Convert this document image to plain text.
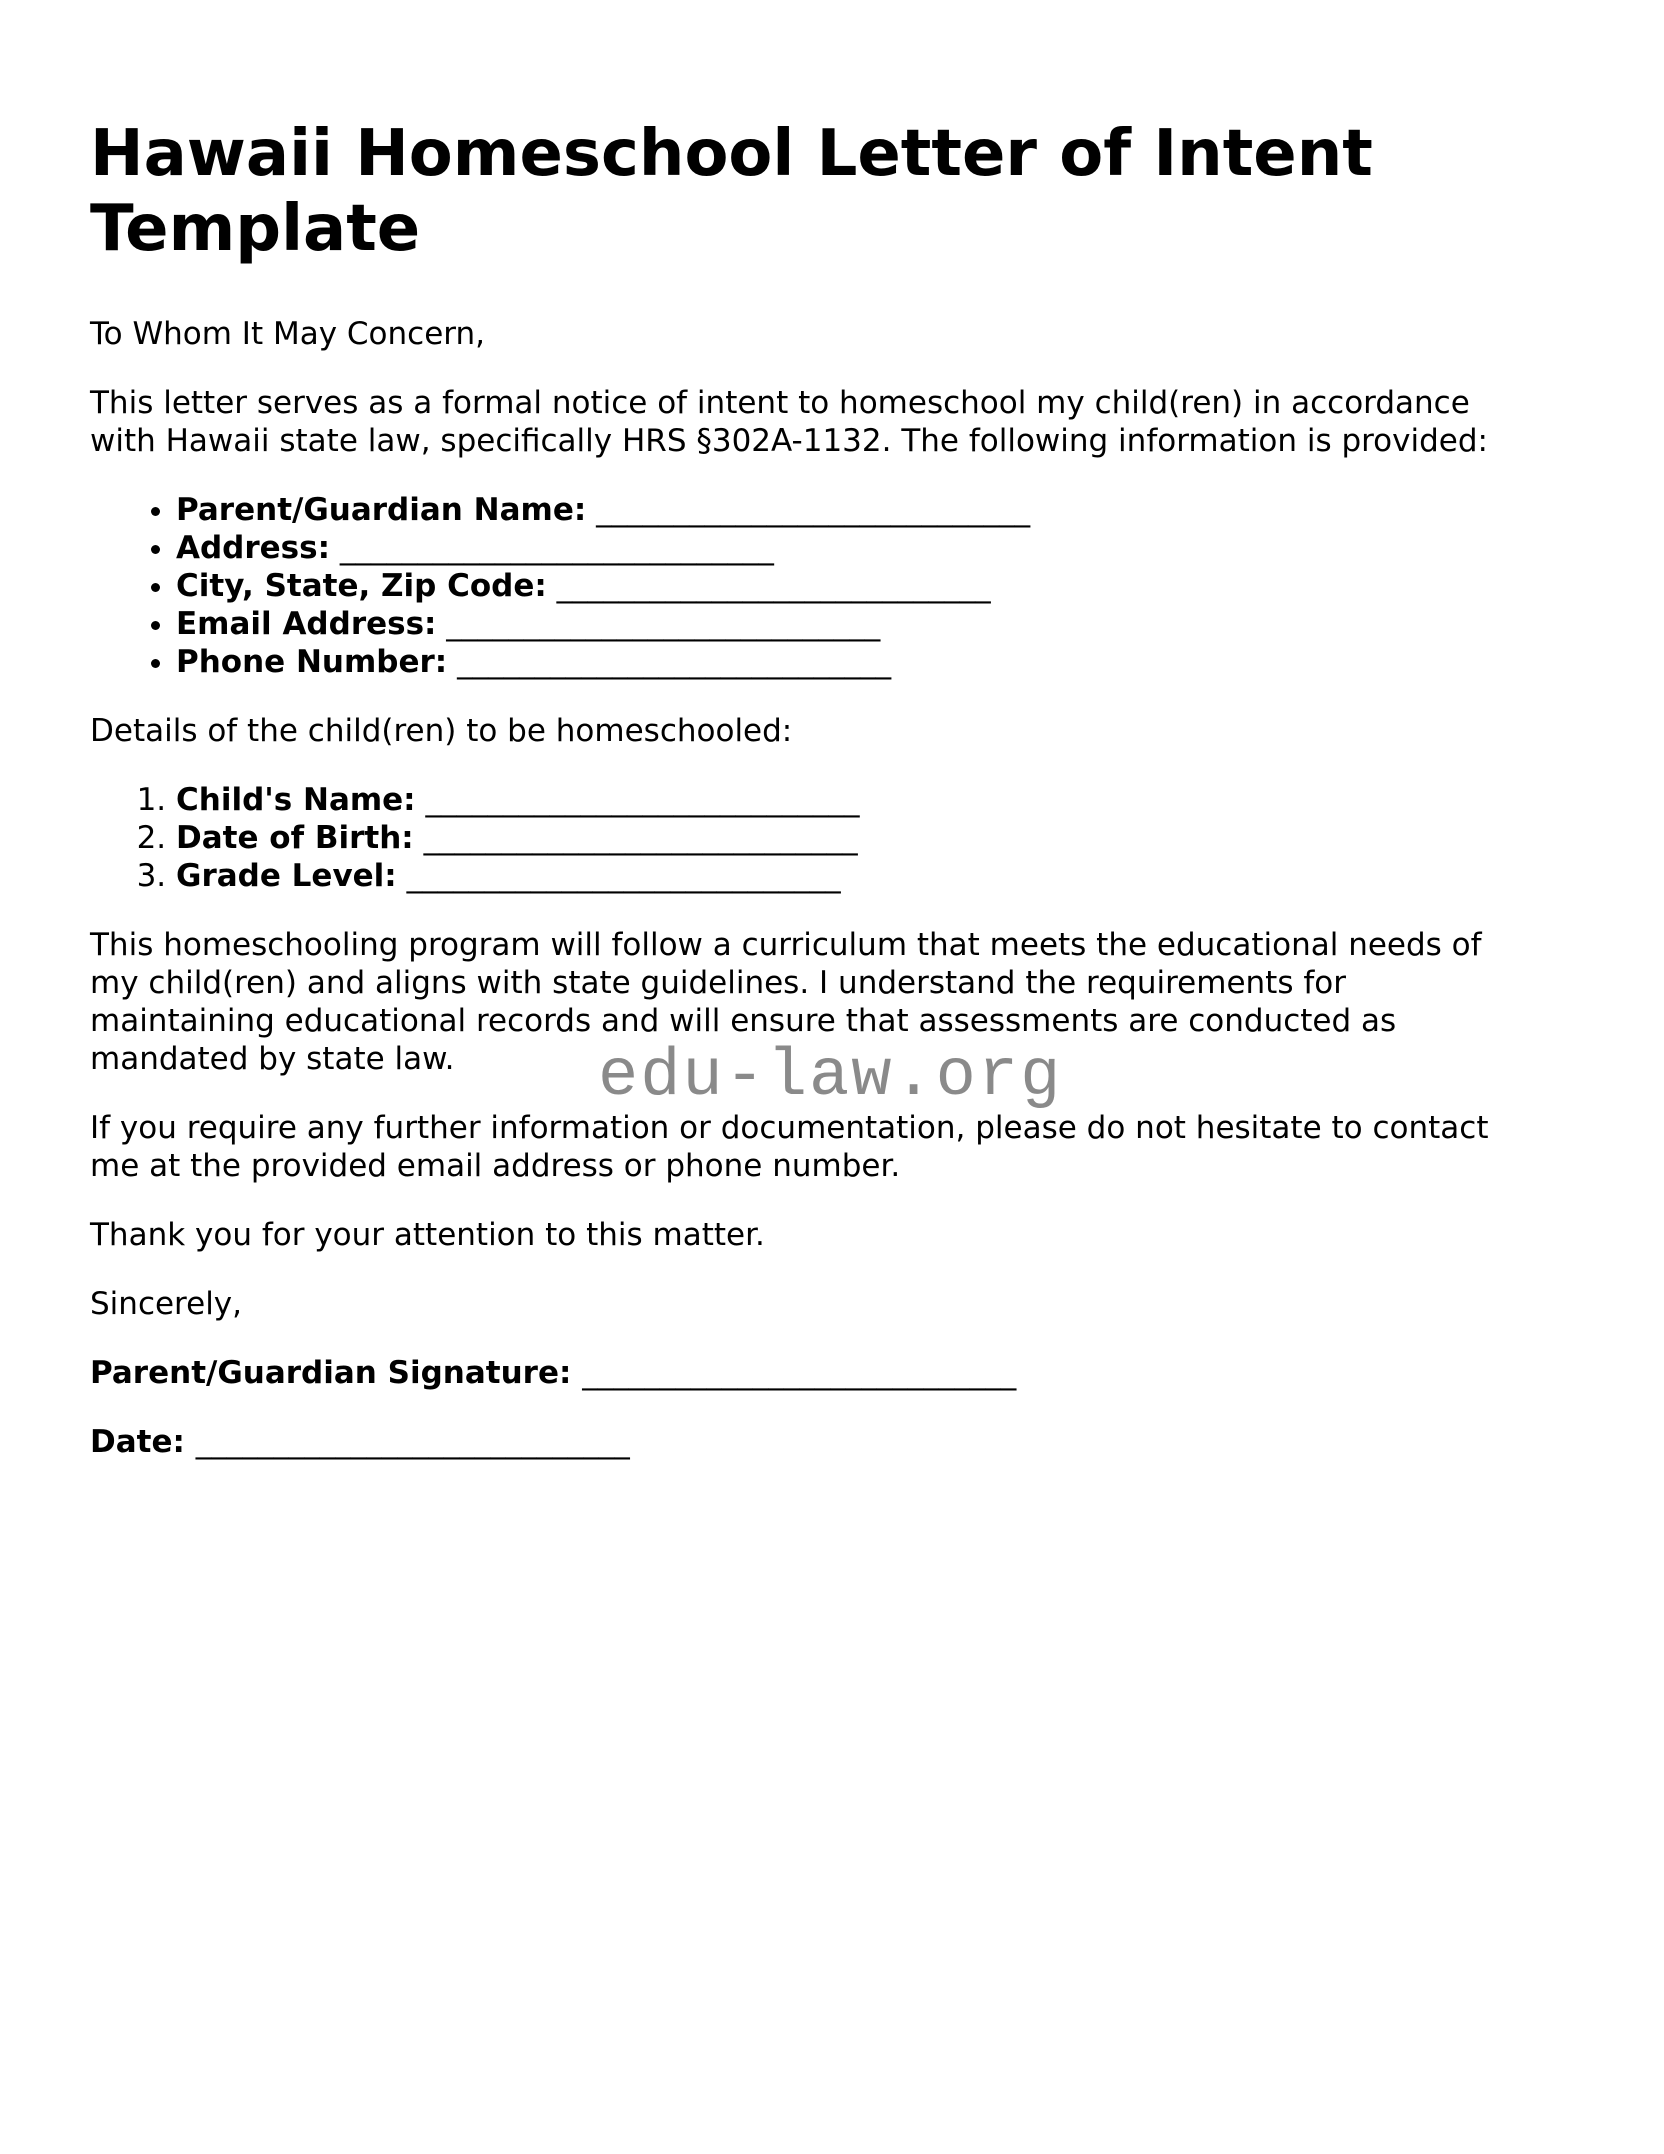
edu-law.org
Hawaii Homeschool Letter of Intent Template

To Whom It May Concern,

This letter serves as a formal notice of intent to homeschool my child(ren) in accordance with Hawaii state law, specifically HRS §302A-1132. The following information is provided:

• Parent/Guardian Name: ____________________________
• Address: ____________________________
• City, State, Zip Code: ____________________________
• Email Address: ____________________________
• Phone Number: ____________________________

Details of the child(ren) to be homeschooled:

1. Child's Name: ____________________________
2. Date of Birth: ____________________________
3. Grade Level: ____________________________

This homeschooling program will follow a curriculum that meets the educational needs of my child(ren) and aligns with state guidelines. I understand the requirements for maintaining educational records and will ensure that assessments are conducted as mandated by state law.

If you require any further information or documentation, please do not hesitate to contact me at the provided email address or phone number.

Thank you for your attention to this matter.

Sincerely,

Parent/Guardian Signature: ____________________________

Date: ____________________________
